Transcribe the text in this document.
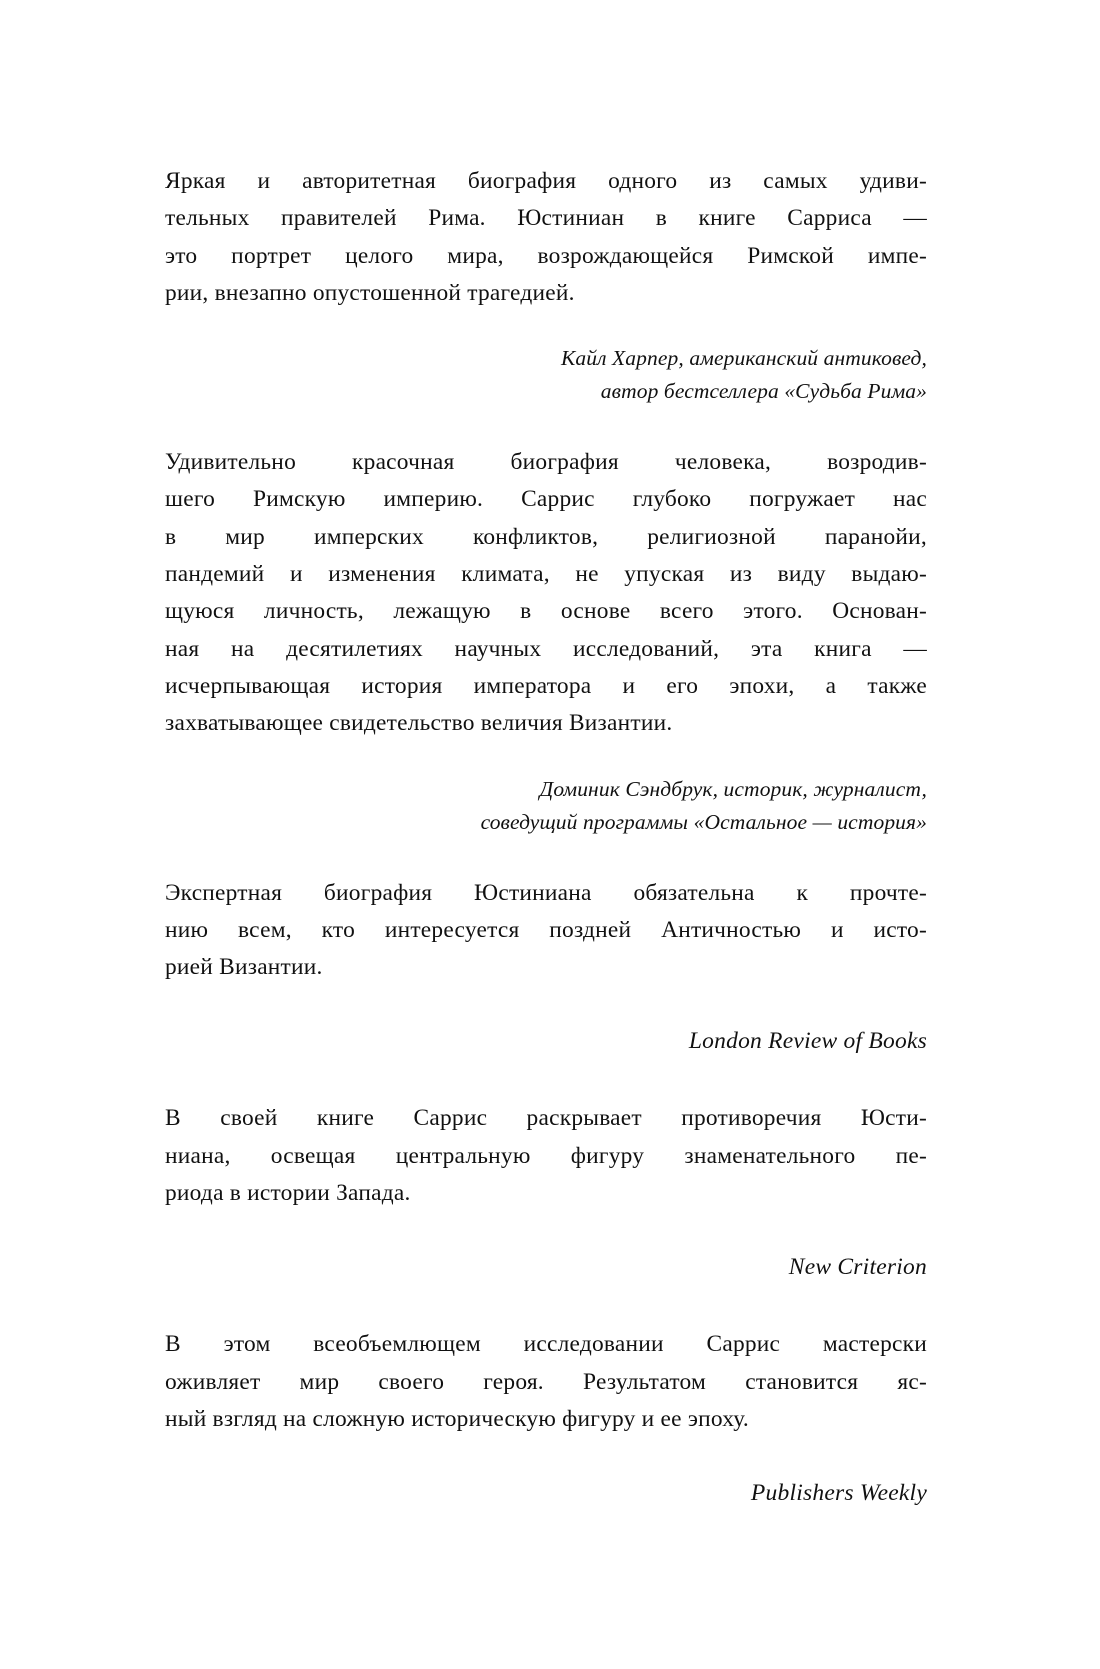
Яркая и авторитетная биография одного из самых удиви-
тельных правителей Рима. Юстиниан в книге Сарриса —
это портрет целого мира, возрождающейся Римской импе-
рии, внезапно опустошенной трагедией.
Кайл Харпер, американский антиковед,
автор бестселлера «Судьба Рима»
Удивительно красочная биография человека, возродив-
шего Римскую империю. Саррис глубоко погружает нас
в мир имперских конфликтов, религиозной паранойи,
пандемий и изменения климата, не упуская из виду выдаю-
щуюся личность, лежащую в основе всего этого. Основан-
ная на десятилетиях научных исследований, эта книга —
исчерпывающая история императора и его эпохи, а также
захватывающее свидетельство величия Византии.
Доминик Сэндбрук, историк, журналист,
соведущий программы «Остальное — история»
Экспертная биография Юстиниана обязательна к прочте-
нию всем, кто интересуется поздней Античностью и исто-
рией Византии.
London Review of Books
В своей книге Саррис раскрывает противоречия Юсти-
ниана, освещая центральную фигуру знаменательного пе-
риода в истории Запада.
New Criterion
В этом всеобъемлющем исследовании Саррис мастерски
оживляет мир своего героя. Результатом становится яс-
ный взгляд на сложную историческую фигуру и ее эпоху.
Publishers Weekly
